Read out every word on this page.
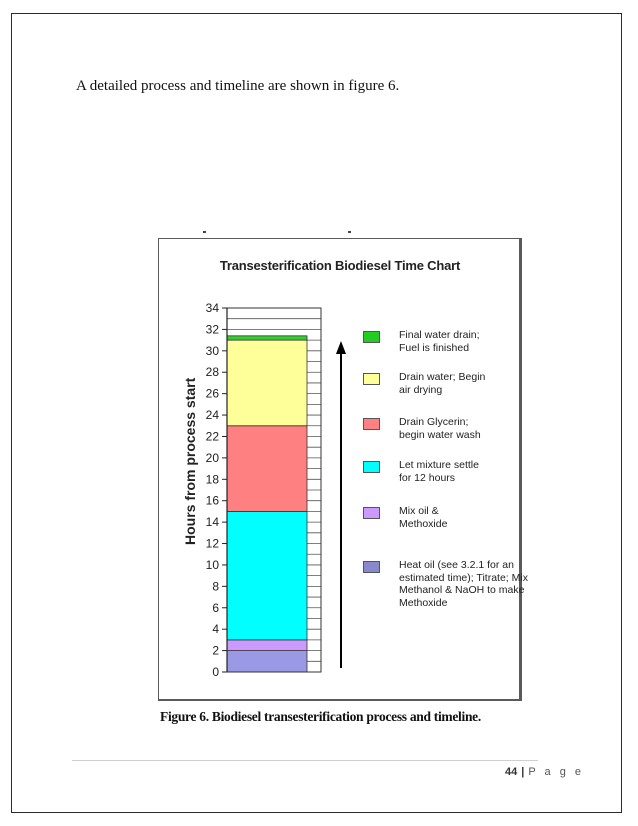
A detailed process and timeline are shown in figure 6.
Transesterification Biodiesel Time Chart
0
2
4
6
8
10
12
14
16
18
20
22
24
26
28
30
32
34
Hours from process start
Final water drain;
Fuel is finished
Drain water; Begin
air drying
Drain Glycerin;
begin water wash
Let mixture settle
for 12 hours
Mix oil &
Methoxide
Heat oil (see 3.2.1 for an
estimated time); Titrate; Mix
Methanol & NaOH to make
Methoxide
Figure 6. Biodiesel transesterification process and timeline.
44 | P a g e
